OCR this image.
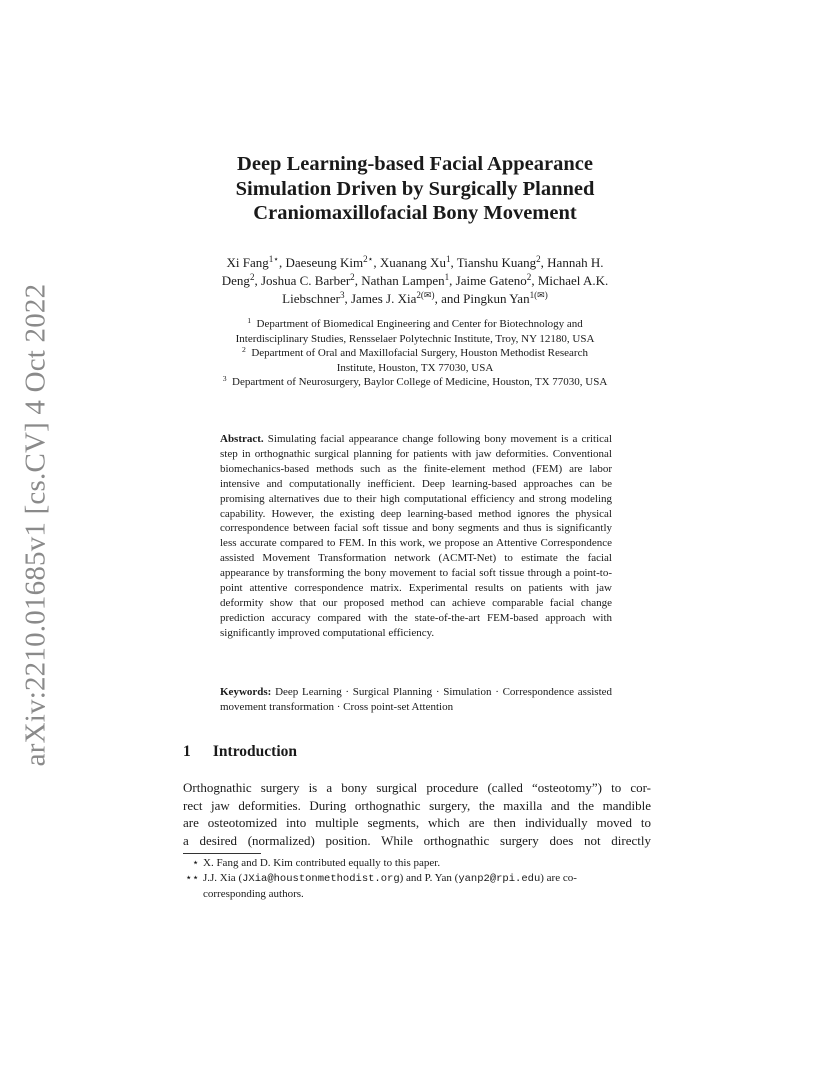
arXiv:2210.01685v1 [cs.CV] 4 Oct 2022
Deep Learning-based Facial Appearance
Simulation Driven by Surgically Planned
Craniomaxillofacial Bony Movement
Xi Fang$^{1⋆}$, Daeseung Kim$^{2⋆}$, Xuanang Xu$^1$, Tianshu Kuang$^2$, Hannah H.
Deng$^2$, Joshua C. Barber$^2$, Nathan Lampen$^1$, Jaime Gateno$^2$, Michael A.K.
Liebschner$^3$, James J. Xia$^{2(✉)}$, and Pingkun Yan$^{1(✉)}$
$^1$ Department of Biomedical Engineering and Center for Biotechnology and
Interdisciplinary Studies, Rensselaer Polytechnic Institute, Troy, NY 12180, USA
$^2$ Department of Oral and Maxillofacial Surgery, Houston Methodist Research
Institute, Houston, TX 77030, USA
$^3$ Department of Neurosurgery, Baylor College of Medicine, Houston, TX 77030, USA
Abstract. Simulating facial appearance change following bony movement is a critical step in orthognathic surgical planning for patients with jaw deformities. Conventional biomechanics-based methods such as the finite-element method (FEM) are labor intensive and computationally inefficient. Deep learning-based approaches can be promising alternatives due to their high computational efficiency and strong modeling capability. However, the existing deep learning-based method ignores the physical correspondence between facial soft tissue and bony segments and thus is significantly less accurate compared to FEM. In this work, we propose an Attentive Correspondence assisted Movement Transformation network (ACMT-Net) to estimate the facial appearance by transforming the bony movement to facial soft tissue through a point-to-point attentive correspondence matrix. Experimental results on patients with jaw deformity show that our proposed method can achieve comparable facial change prediction accuracy compared with the state-of-the-art FEM-based approach with significantly improved computational efficiency.
Keywords: Deep Learning · Surgical Planning · Simulation · Correspondence assisted movement transformation · Cross point-set Attention
1 Introduction
Orthognathic surgery is a bony surgical procedure (called “osteotomy”) to cor-
rect jaw deformities. During orthognathic surgery, the maxilla and the mandible
are osteotomized into multiple segments, which are then individually moved to
a desired (normalized) position. While orthognathic surgery does not directly
⋆ X. Fang and D. Kim contributed equally to this paper.
⋆⋆ J.J. Xia (JXia@houstonmethodist.org) and P. Yan (yanp2@rpi.edu) are co-
corresponding authors.
